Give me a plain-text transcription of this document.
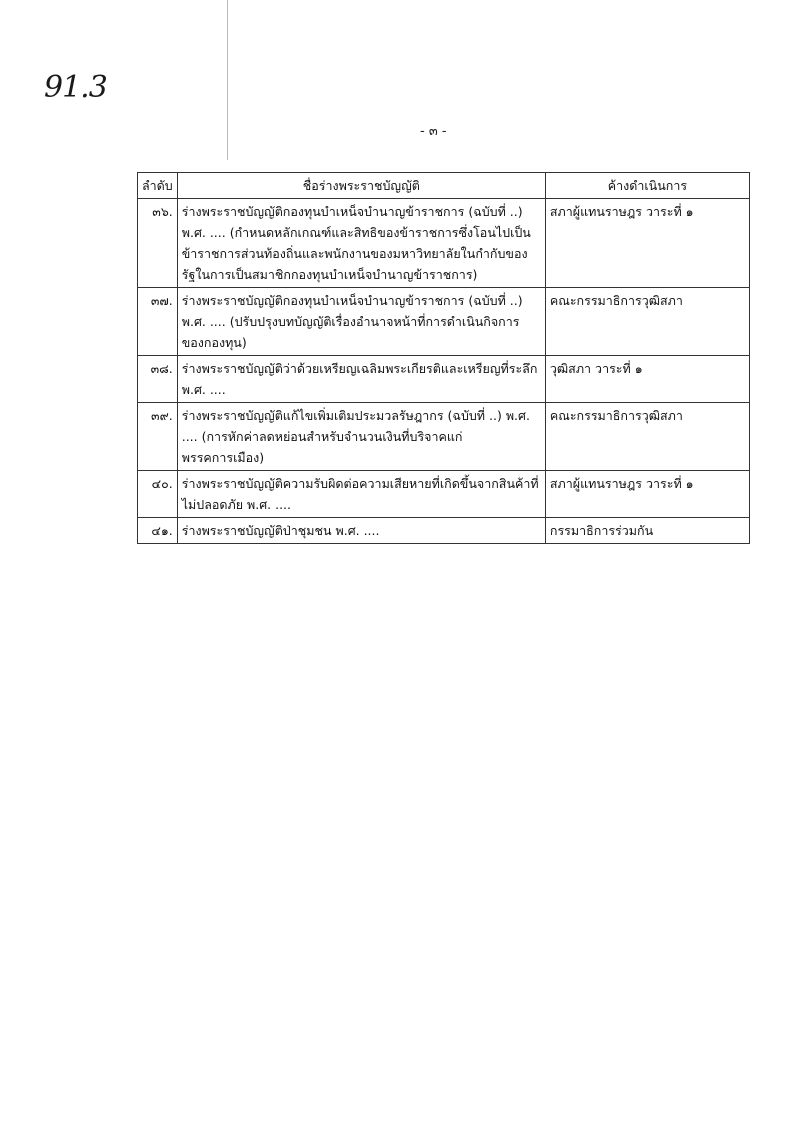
91.3
- ๓ -
ลำดับ	ชื่อร่างพระราชบัญญัติ	ค้างดำเนินการ
๓๖.	ร่างพระราชบัญญัติกองทุนบำเหน็จบำนาญข้าราชการ (ฉบับที่ ..) พ.ศ. .... (กำหนดหลักเกณฑ์และสิทธิของข้าราชการซึ่งโอนไปเป็นข้าราชการส่วนท้องถิ่นและพนักงานของมหาวิทยาลัยในกำกับของรัฐในการเป็นสมาชิกกองทุนบำเหน็จบำนาญข้าราชการ)	สภาผู้แทนราษฎร วาระที่ ๑
๓๗.	ร่างพระราชบัญญัติกองทุนบำเหน็จบำนาญข้าราชการ (ฉบับที่ ..) พ.ศ. .... (ปรับปรุงบทบัญญัติเรื่องอำนาจหน้าที่การดำเนินกิจการของกองทุน)	คณะกรรมาธิการวุฒิสภา
๓๘.	ร่างพระราชบัญญัติว่าด้วยเหรียญเฉลิมพระเกียรติและเหรียญที่ระลึก พ.ศ. ....	วุฒิสภา วาระที่ ๑
๓๙.	ร่างพระราชบัญญัติแก้ไขเพิ่มเติมประมวลรัษฎากร (ฉบับที่ ..) พ.ศ. .... (การหักค่าลดหย่อนสำหรับจำนวนเงินที่บริจาคแก่พรรคการเมือง)	คณะกรรมาธิการวุฒิสภา
๔๐.	ร่างพระราชบัญญัติความรับผิดต่อความเสียหายที่เกิดขึ้นจากสินค้าที่ไม่ปลอดภัย พ.ศ. ....	สภาผู้แทนราษฎร วาระที่ ๑
๔๑.	ร่างพระราชบัญญัติป่าชุมชน พ.ศ. ....	กรรมาธิการร่วมกัน
